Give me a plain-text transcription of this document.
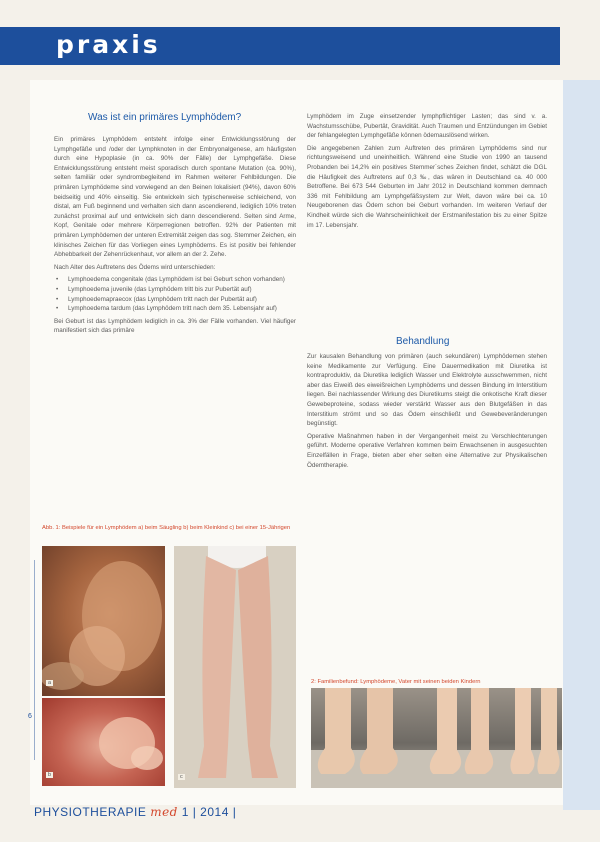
praxis
Was ist ein primäres Lymphödem?

Ein primäres Lymphödem entsteht infolge einer Entwicklungsstörung der Lymphgefäße und /oder der Lymphknoten in der Embryonalgenese, am häufigsten durch eine Hypoplasie (in ca. 90% der Fälle) der Lymphgefäße. Diese Entwicklungsstörung entsteht meist sporadisch durch spontane Mutation (ca. 90%), selten familiär oder syndrombegleitend im Rahmen weiterer Fehlbildungen. Die primären Lymphödeme sind vorwiegend an den Beinen lokalisiert (94%), davon 60% beidseitig und 40% einseitig. Sie entwickeln sich typischerweise schleichend, von distal, am Fuß beginnend und verhalten sich dann ascendierend, lediglich 10% treten zunächst proximal auf und entwickeln sich dann descendierend. Selten sind Arme, Kopf, Genitale oder mehrere Körperregionen betroffen. 92% der Patienten mit primären Lymphödemen der unteren Extremität zeigen das sog. Stemmer Zeichen, ein klinisches Zeichen für das Vorliegen eines Lymphödems. Es ist positiv bei fehlender Abhebbarkeit der Zehenrückenhaut, vor allem an der 2. Zehe.

Nach Alter des Auftretens des Ödems wird unterschieden:

• Lymphoedema congenitale (das Lymphödem ist bei Geburt schon vorhanden)
• Lymphoedema juvenile (das Lymphödem tritt bis zur Pubertät auf)
• Lymphoedemapraecox (das Lymphödem tritt nach der Pubertät auf)
• Lymphoedema tardum (das Lymphödem tritt nach dem 35. Lebensjahr auf)

Bei Geburt ist das Lymphödem lediglich in ca. 3% der Fälle vorhanden. Viel häufiger manifestiert sich das primäre

Lymphödem im Zuge einsetzender lymphpflichtiger Lasten; das sind v. a. Wachstumsschübe, Pubertät, Gravidität. Auch Traumen und Entzündungen im Gebiet der fehlangelegten Lymphgefäße können ödemauslösend wirken.

Die angegebenen Zahlen zum Auftreten des primären Lymphödems sind nur richtungsweisend und uneinheitlich. Während eine Studie von 1990 an tausend Probanden bei 14,2% ein positives Stemmer´sches Zeichen findet, schätzt die DGL die Häufigkeit des Auftretens auf 0,3 ‰, das wären in Deutschland ca. 40 000 Betroffene. Bei 673 544 Geburten im Jahr 2012 in Deutschland kommen demnach 336 mit Fehlbildung am Lymphgefäßsystem zur Welt, davon wäre bei ca. 10 Neugeborenen das Ödem schon bei Geburt vorhanden. Im weiteren Verlauf der Kindheit würde sich die Wahrscheinlichkeit der Erstmanifestation bis zu einer Spitze im 17. Lebensjahr.

Behandlung

Zur kausalen Behandlung von primären (auch sekundären) Lymphödemen stehen keine Medikamente zur Verfügung. Eine Dauermedikation mit Diuretika ist kontraproduktiv, da Diuretika lediglich Wasser und Elektrolyte ausschwemmen, nicht aber das Eiweiß des eiweißreichen Lymphödems und dessen Bindung im Interstitium liegen. Bei nachlassender Wirkung des Diuretikums steigt die onkotische Kraft dieser Gewebeproteine, sodass wieder verstärkt Wasser aus den Blutgefäßen in das Interstitium strömt und so das Ödem einschließt und Gewebeveränderungen begünstigt.

Operative Maßnahmen haben in der Vergangenheit meist zu Verschlechterungen geführt. Moderne operative Verfahren kommen beim Erwachsenen in ausgesuchten Einzelfällen in Frage, bieten aber eher selten eine Alternative zur Physikalischen Ödemtherapie.

Abb. 1: Beispiele für ein Lymphödem a) beim Säugling b) beim Kleinkind c) bei einer 15-Jährigen
a
b	c
2: Familienbefund: Lymphödeme, Vater mit seinen beiden Kindern
6
PHYSIOTHERAPIE med 1 | 2014 |
